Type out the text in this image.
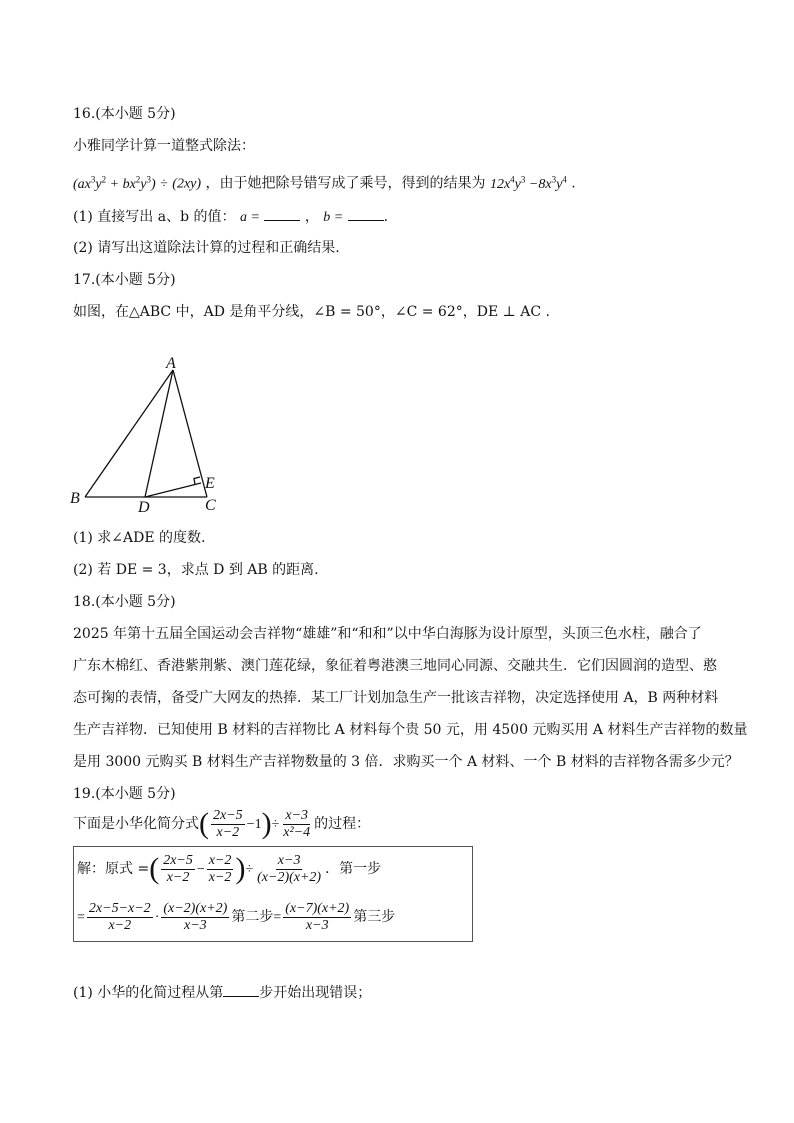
16.(本小题 5分)
小雅同学计算一道整式除法：
$(ax^3y^2 + bx^2y^3) \div (2xy)$ ，由于她把除号错写成了乘号，得到的结果为 $12x^4y^3 -8x^3y^4$ .
(1) 直接写出 a、b 的值： a =	， b =	.
(2) 请写出这道除法计算的过程和正确结果.
17.(本小题 5分)
如图，在△ABC 中，AD 是角平分线，∠B = 50°，∠C = 62°，DE ⊥ AC .
A
B	C
D
E
(1) 求∠ADE 的度数.
(2) 若 DE = 3，求点 D 到 AB 的距离.
18.(本小题 5分)
2025 年第十五届全国运动会吉祥物“雄雄”和“和和”以中华白海豚为设计原型，头顶三色水柱，融合了
广东木棉红、香港紫荆紫、澳门莲花绿，象征着粤港澳三地同心同源、交融共生．它们因圆润的造型、憨
态可掬的表情，备受广大网友的热捧．某工厂计划加急生产一批该吉祥物，决定选择使用 A，B 两种材料
生产吉祥物．已知使用 B 材料的吉祥物比 A 材料每个贵 50 元，用 4500 元购买用 A 材料生产吉祥物的数量
是用 3000 元购买 B 材料生产吉祥物数量的 3 倍．求购买一个 A 材料、一个 B 材料的吉祥物各需多少元？
19.(本小题 5分)
下面是小华化简分式( $\frac{2x-5}{x-2} -1)\div \frac{x-3}{\text{x²−4}}$ 的过程：
解：原式 =( $\frac{2x-5}{x-2} - \frac{x-2}{x-2}$ )÷ $\frac{x-3}{(x-2)(x+2)}$ ．第一步
= $\frac{2x-5-x-2}{x-2} \cdot \frac{(x-2)(x+2)}{x-3}$ 第二步= $\frac{(x-7)(x+2)}{x-3}$ 第三步
(1) 小华的化简过程从第	步开始出现错误；
